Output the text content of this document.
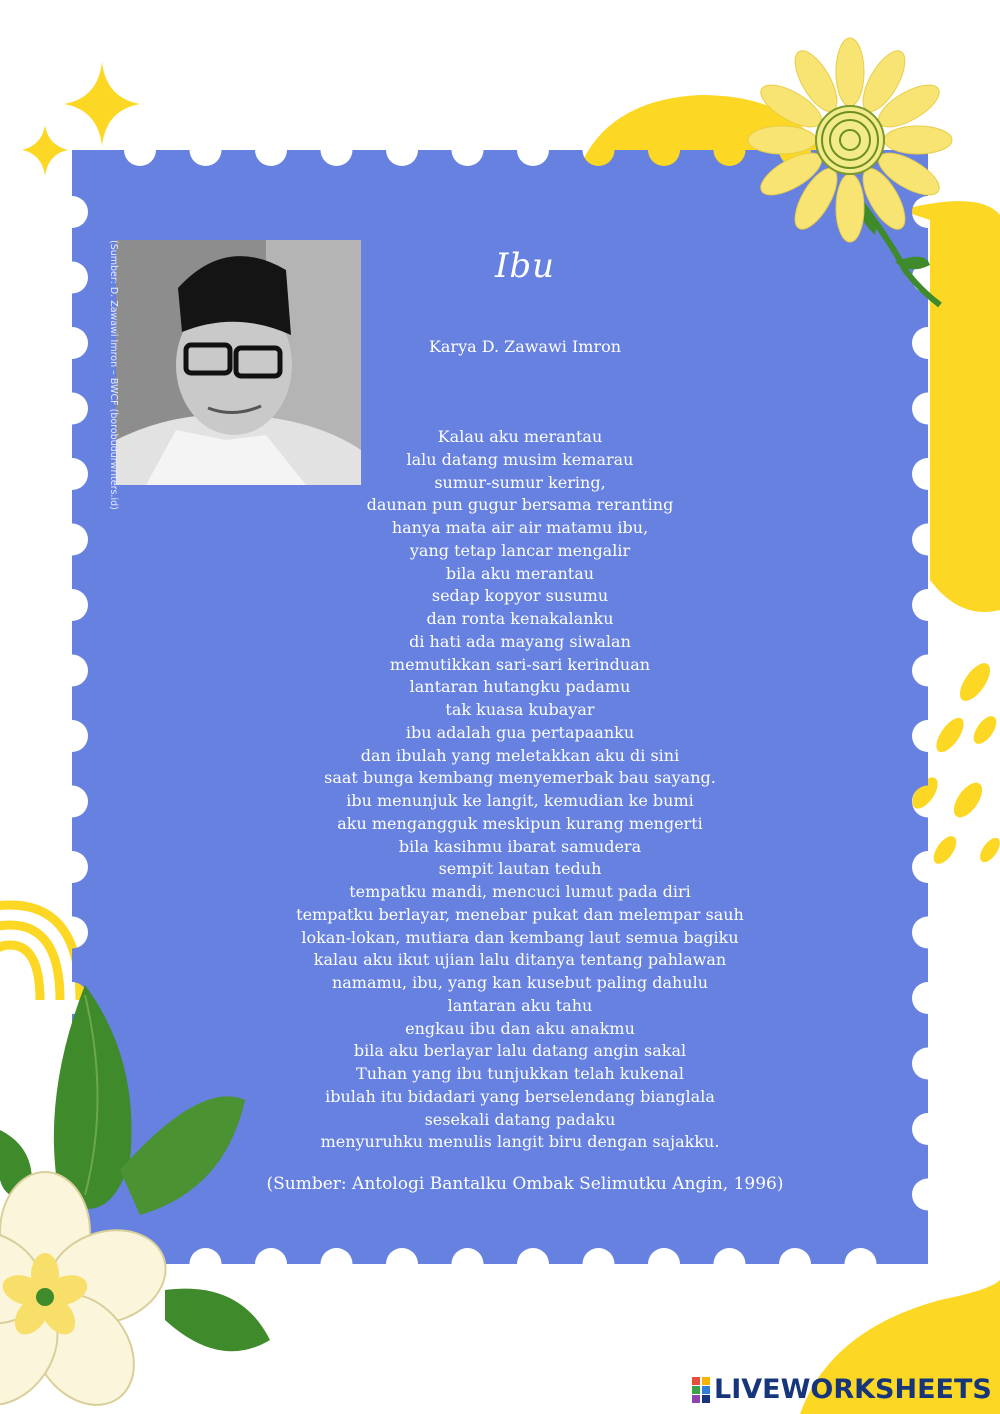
(Sumber: D. Zawawi Imron – BWCF (borobudurwriters.id)	Ibu
Karya D. Zawawi Imron
Kalau aku merantau
lalu datang musim kemarau
sumur-sumur kering,
daunan pun gugur bersama reranting
hanya mata air air matamu ibu,
yang tetap lancar mengalir
bila aku merantau
sedap kopyor susumu
dan ronta kenakalanku
di hati ada mayang siwalan
memutikkan sari-sari kerinduan
lantaran hutangku padamu
tak kuasa kubayar
ibu adalah gua pertapaanku
dan ibulah yang meletakkan aku di sini
saat bunga kembang menyemerbak bau sayang.
ibu menunjuk ke langit, kemudian ke bumi
aku mengangguk meskipun kurang mengerti
bila kasihmu ibarat samudera
sempit lautan teduh
tempatku mandi, mencuci lumut pada diri
tempatku berlayar, menebar pukat dan melempar sauh
lokan-lokan, mutiara dan kembang laut semua bagiku
kalau aku ikut ujian lalu ditanya tentang pahlawan
namamu, ibu, yang kan kusebut paling dahulu
lantaran aku tahu
engkau ibu dan aku anakmu
bila aku berlayar lalu datang angin sakal
Tuhan yang ibu tunjukkan telah kukenal
ibulah itu bidadari yang berselendang bianglala
sesekali datang padaku
menyuruhku menulis langit biru dengan sajakku.
(Sumber: Antologi Bantalku Ombak Selimutku Angin, 1996)
LIVEWORKSHEETS
